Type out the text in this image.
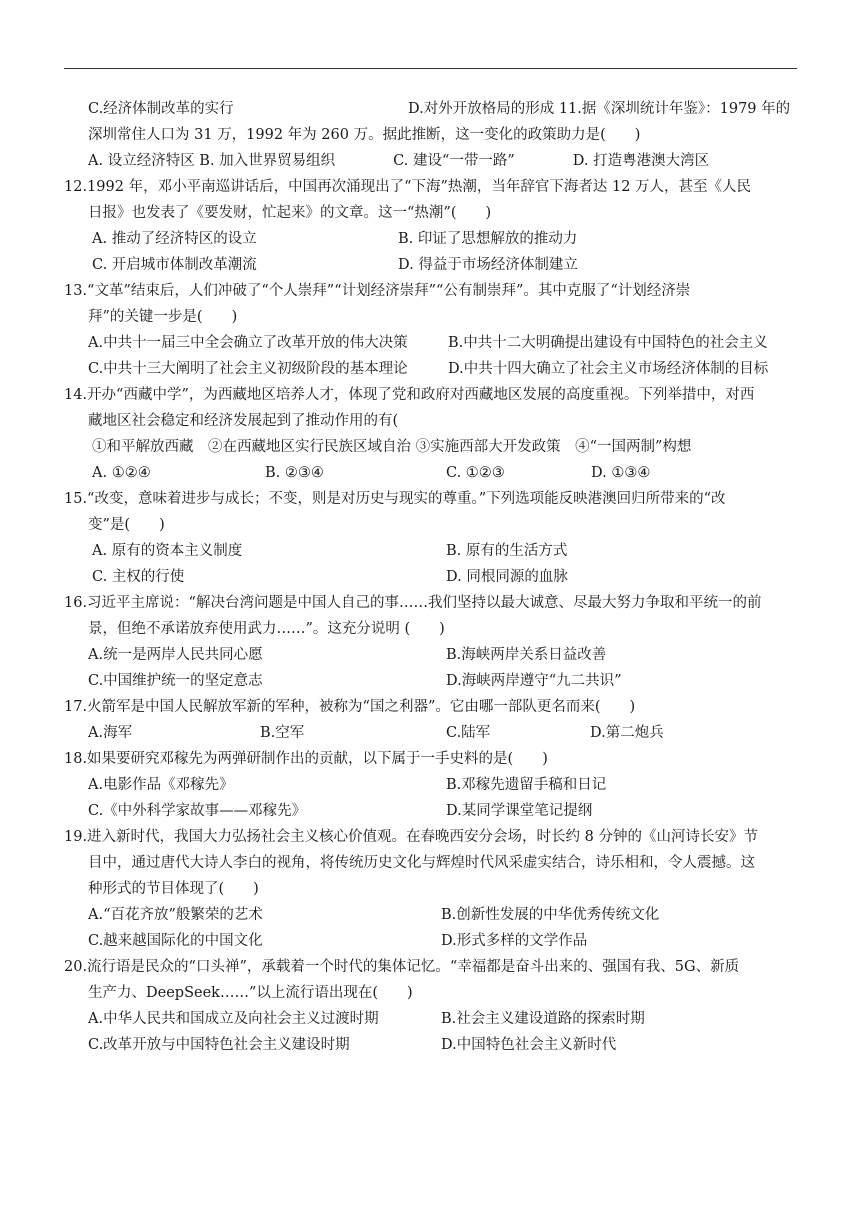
C.经济体制改革的实行	D.对外开放格局的形成 11.据《深圳统计年鉴》：1979 年的
深圳常住人口为 31 万，1992 年为 260 万。据此推断，这一变化的政策助力是(　　)
A. 设立经济特区 B. 加入世界贸易组织　　　　C. 建设“一带一路”　　　　D. 打造粤港澳大湾区
12.1992 年，邓小平南巡讲话后，中国再次涌现出了“下海”热潮，当年辞官下海者达 12 万人，甚至《人民
日报》也发表了《要发财，忙起来》的文章。这一“热潮”(　　)
A. 推动了经济特区的设立	B. 印证了思想解放的推动力
C. 开启城市体制改革潮流	D. 得益于市场经济体制建立
13.“文革”结束后，人们冲破了“个人崇拜”“计划经济崇拜”“公有制崇拜”。其中克服了“计划经济崇
拜”的关键一步是(　　)
A.中共十一届三中全会确立了改革开放的伟大决策	B.中共十二大明确提出建设有中国特色的社会主义
C.中共十三大阐明了社会主义初级阶段的基本理论	D.中共十四大确立了社会主义市场经济体制的目标
14.开办“西藏中学”，为西藏地区培养人才，体现了党和政府对西藏地区发展的高度重视。下列举措中，对西
藏地区社会稳定和经济发展起到了推动作用的有(
①和平解放西藏　②在西藏地区实行民族区域自治 ③实施西部大开发政策　④“一国两制”构想
A. ①②④	B. ②③④	C. ①②③	D. ①③④
15.“改变，意味着进步与成长；不变，则是对历史与现实的尊重。”下列选项能反映港澳回归所带来的“改
变”是(　　)
A. 原有的资本主义制度	B. 原有的生活方式
C. 主权的行使	D. 同根同源的血脉
16.习近平主席说：“解决台湾问题是中国人自己的事……我们坚持以最大诚意、尽最大努力争取和平统一的前
景，但绝不承诺放弃使用武力……”。这充分说明 (　　)
A.统一是两岸人民共同心愿	B.海峡两岸关系日益改善
C.中国维护统一的坚定意志	D.海峡两岸遵守“九二共识”
17.火箭军是中国人民解放军新的军种，被称为“国之利器”。它由哪一部队更名而来(　　)
A.海军	B.空军	C.陆军	D.第二炮兵
18.如果要研究邓稼先为两弹研制作出的贡献，以下属于一手史料的是(　　)
A.电影作品《邓稼先》	B.邓稼先遗留手稿和日记
C.《中外科学家故事——邓稼先》	D.某同学课堂笔记提纲
19.进入新时代，我国大力弘扬社会主义核心价值观。在春晚西安分会场，时长约 8 分钟的《山河诗长安》节
目中，通过唐代大诗人李白的视角，将传统历史文化与辉煌时代风采虚实结合，诗乐相和，令人震撼。这
种形式的节目体现了(　　)
A.“百花齐放”般繁荣的艺术	B.创新性发展的中华优秀传统文化
C.越来越国际化的中国文化	D.形式多样的文学作品
20.流行语是民众的“口头禅”，承载着一个时代的集体记忆。“幸福都是奋斗出来的、强国有我、5G、新质
生产力、DeepSeek……”以上流行语出现在(　　)
A.中华人民共和国成立及向社会主义过渡时期	B.社会主义建设道路的探索时期
C.改革开放与中国特色社会主义建设时期	D.中国特色社会主义新时代
